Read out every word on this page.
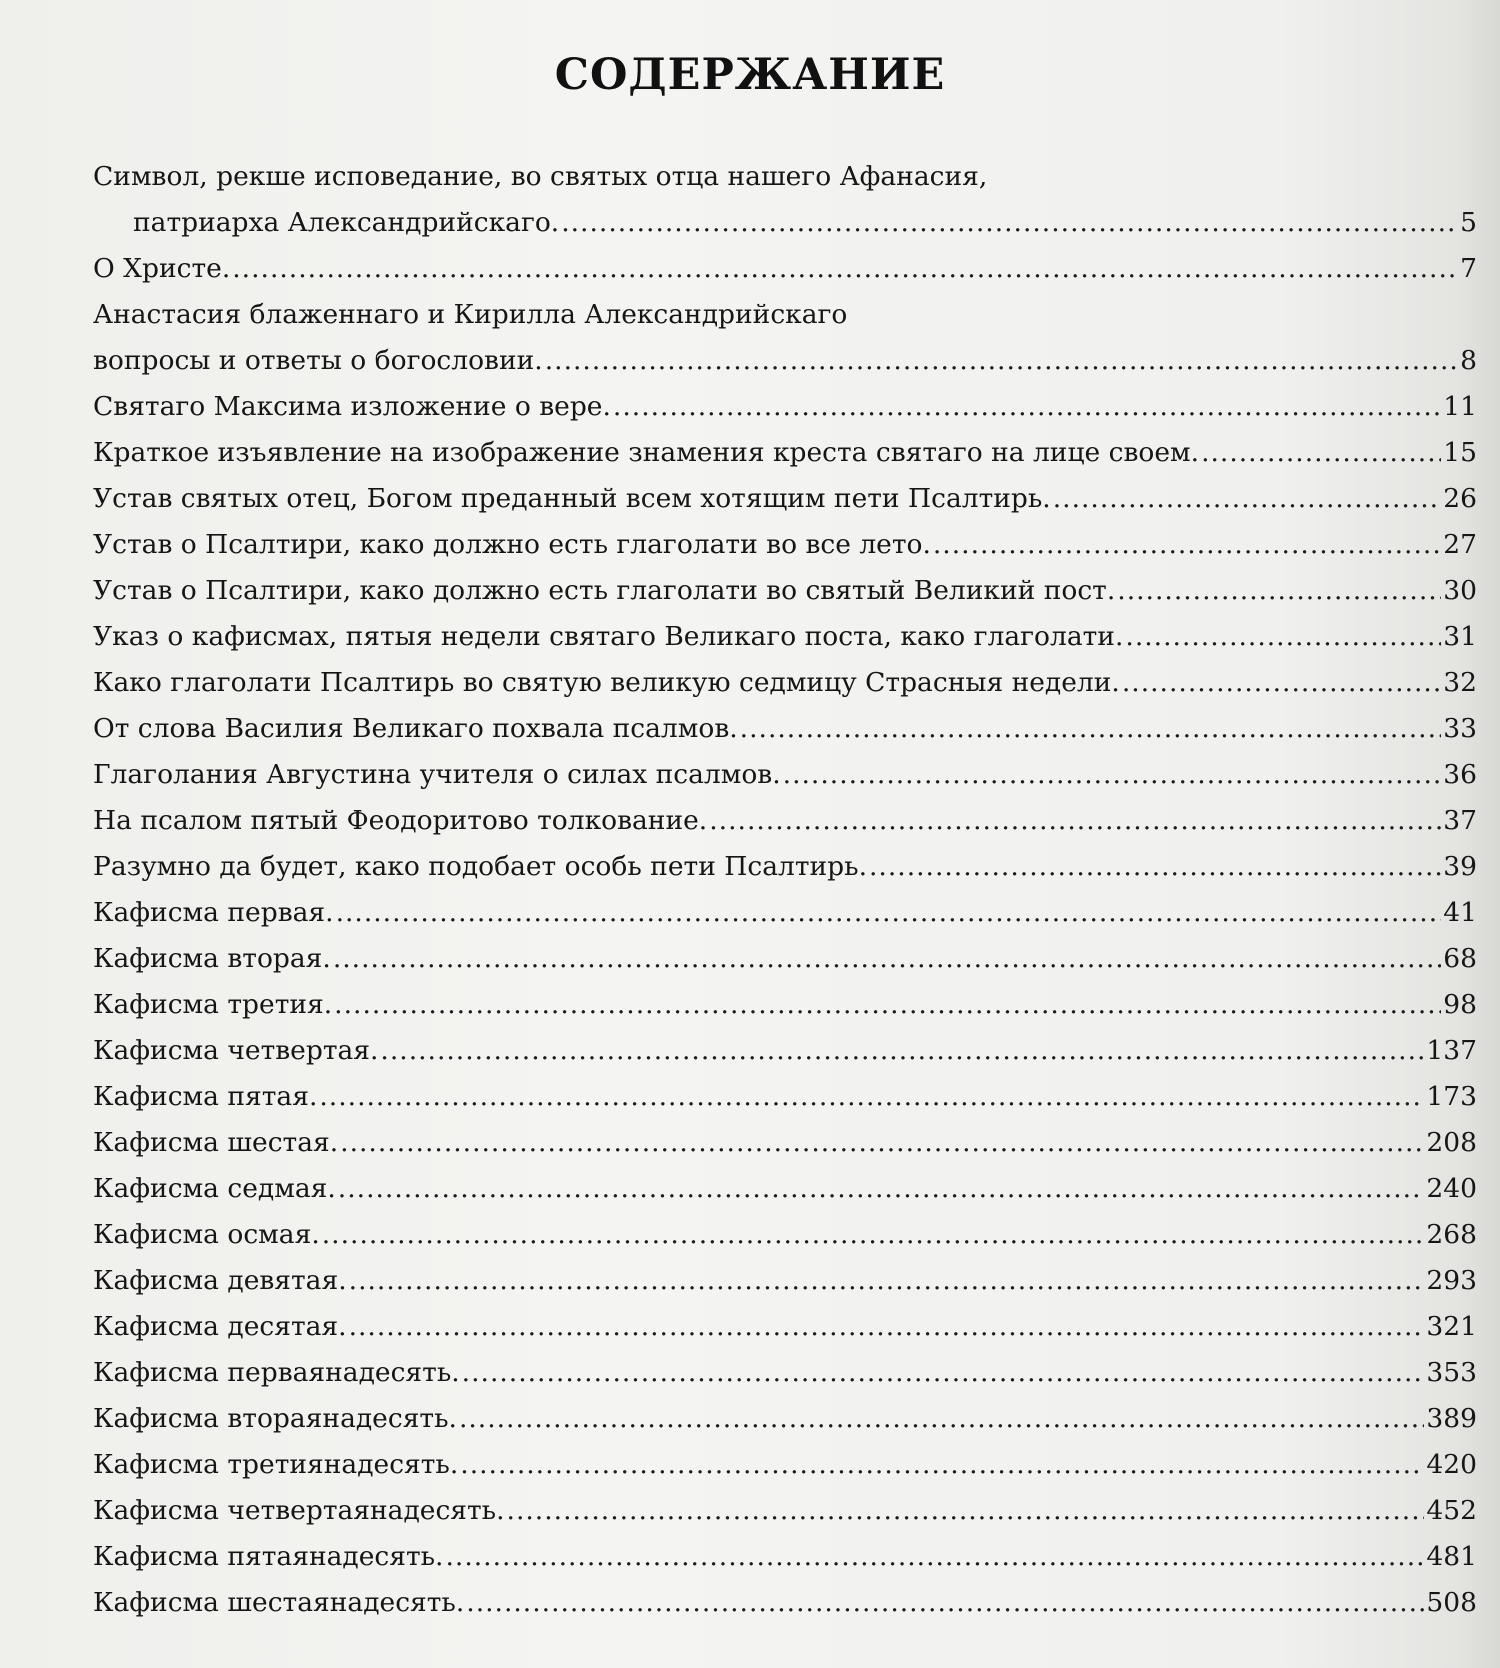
СОДЕРЖАНИЕ
Символ, рекше исповедание, во святых отца нашего Афанасия,
патриарха Александрийскаго. .....	5
О Христе. .....	7
Анастасия блаженнаго и Кирилла Александрийскаго
вопросы и ответы о богословии. .....	8
Святаго Максима изложение о вере. .....	11
Краткое изъявление на изображение знамения креста святаго на лице своем. .....	15
Устав святых отец, Богом преданный всем хотящим пети Псалтирь. .....	26
Устав о Псалтири, како должно есть глаголати во все лето. .....	27
Устав о Псалтири, како должно есть глаголати во святый Великий пост. .....	30
Указ о кафисмах, пятыя недели святаго Великаго поста, како глаголати. .....	31
Како глаголати Псалтирь во святую великую седмицу Страсныя недели. .....	32
От слова Василия Великаго похвала псалмов. .....	33
Глаголания Августина учителя о силах псалмов. .....	36
На псалом пятый Феодоритово толкование. .....	37
Разумно да будет, како подобает особь пети Псалтирь. .....	39
Кафисма первая. .....	41
Кафисма вторая. .....	68
Кафисма третия. .....	98
Кафисма четвертая. .....	137
Кафисма пятая. .....	173
Кафисма шестая. .....	208
Кафисма седмая. .....	240
Кафисма осмая. .....	268
Кафисма девятая. .....	293
Кафисма десятая. .....	321
Кафисма перваянадесять. .....	353
Кафисма втораянадесять. .....	389
Кафисма третиянадесять. .....	420
Кафисма четвертаянадесять. .....	452
Кафисма пятаянадесять. .....	481
Кафисма шестаянадесять. .....	508
